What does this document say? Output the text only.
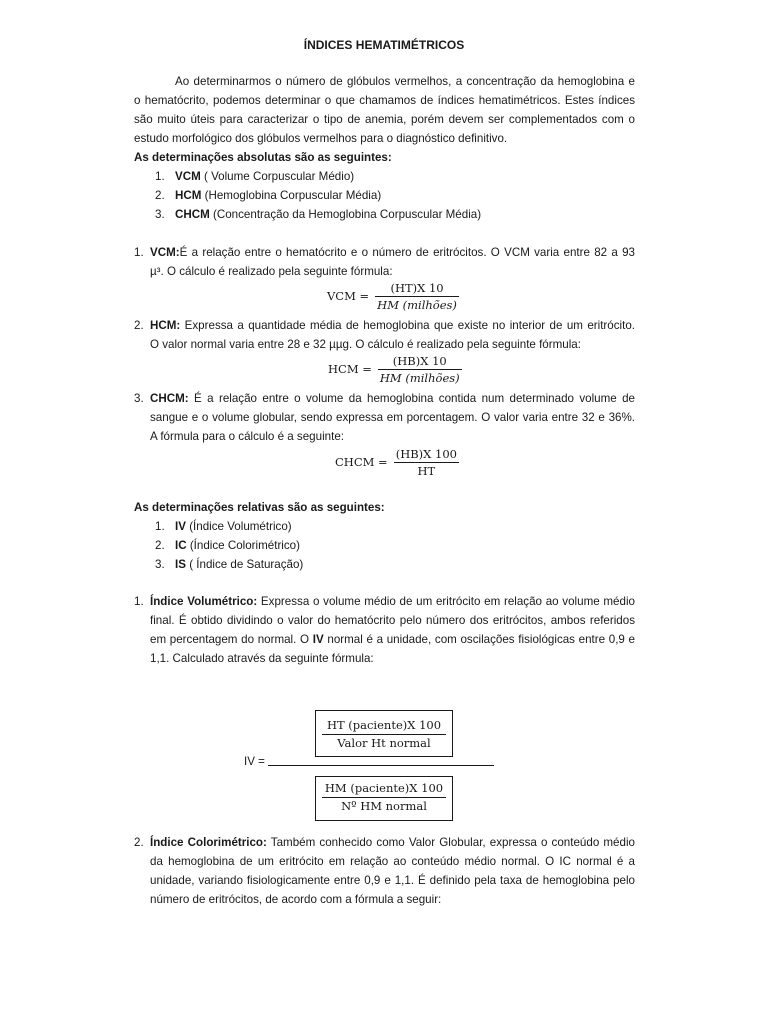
ÍNDICES HEMATIMÉTRICOS
Ao determinarmos o número de glóbulos vermelhos, a concentração da hemoglobina e
o hematócrito, podemos determinar o que chamamos de índices hematimétricos. Estes índices
são muito úteis para caracterizar o tipo de anemia, porém devem ser complementados com o
estudo morfológico dos glóbulos vermelhos para o diagnóstico definitivo.
As determinações absolutas são as seguintes:
1. VCM ( Volume Corpuscular Médio)
2. HCM (Hemoglobina Corpuscular Média)
3. CHCM (Concentração da Hemoglobina Corpuscular Média)
1. VCM:É a relação entre o hematócrito e o número de eritrócitos. O VCM varia entre 82 a 93
µ³. O cálculo é realizado pela seguinte fórmula:
VCM = $\frac{(HT)X 10}{\text{HM (milhões)}}$
2. HCM: Expressa a quantidade média de hemoglobina que existe no interior de um eritrócito.
O valor normal varia entre 28 e 32 µµg. O cálculo é realizado pela seguinte fórmula:
HCM = $\frac{(HB)X 10}{\text{HM (milhões)}}$
3. CHCM: É a relação entre o volume da hemoglobina contida num determinado volume de
sangue e o volume globular, sendo expressa em porcentagem. O valor varia entre 32 e 36%.
A fórmula para o cálculo é a seguinte:
CHCM = $\frac{(HB)X 100}{HT}$
As determinações relativas são as seguintes:
1. IV (Índice Volumétrico)
2. IC (Índice Colorimétrico)
3. IS ( Índice de Saturação)
1. Índice Volumétrico: Expressa o volume médio de um eritrócito em relação ao volume médio
final. É obtido dividindo o valor do hematócrito pelo número dos eritrócitos, ambos referidos
em percentagem do normal. O IV normal é a unidade, com oscilações fisiológicas entre 0,9 e
1,1. Calculado através da seguinte fórmula:
HT (paciente)X 100
Valor Ht normal
IV =
HM (paciente)X 100
Nº HM normal
2. Índice Colorimétrico: Também conhecido como Valor Globular, expressa o conteúdo médio
da hemoglobina de um eritrócito em relação ao conteúdo médio normal. O IC normal é a
unidade, variando fisiologicamente entre 0,9 e 1,1. É definido pela taxa de hemoglobina pelo
número de eritrócitos, de acordo com a fórmula a seguir:
